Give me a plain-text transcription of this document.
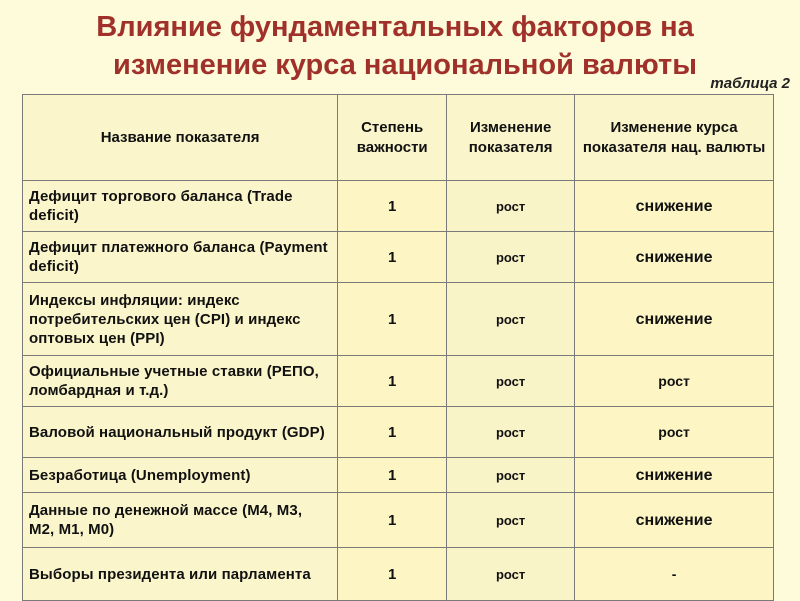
Влияние фундаментальных факторов на
изменение курса национальной валюты
таблица 2
Название показателя	Степень важности	Изменение показателя	Изменение курса показателя нац. валюты
Дефицит торгового баланса (Trade deficit)	1	рост	снижение
Дефицит платежного баланса (Payment deficit)	1	рост	снижение
Индексы инфляции: индекс потребительских цен (CPI) и индекс оптовых цен (PPI)	1	рост	снижение
Официальные учетные ставки (РЕПО, ломбардная и т.д.)	1	рост	рост
Валовой национальный продукт (GDP)	1	рост	рост
Безработица (Unemployment)	1	рост	снижение
Данные по денежной массе (М4, М3, М2, М1, М0)	1	рост	снижение
Выборы президента или парламента	1	рост	-
